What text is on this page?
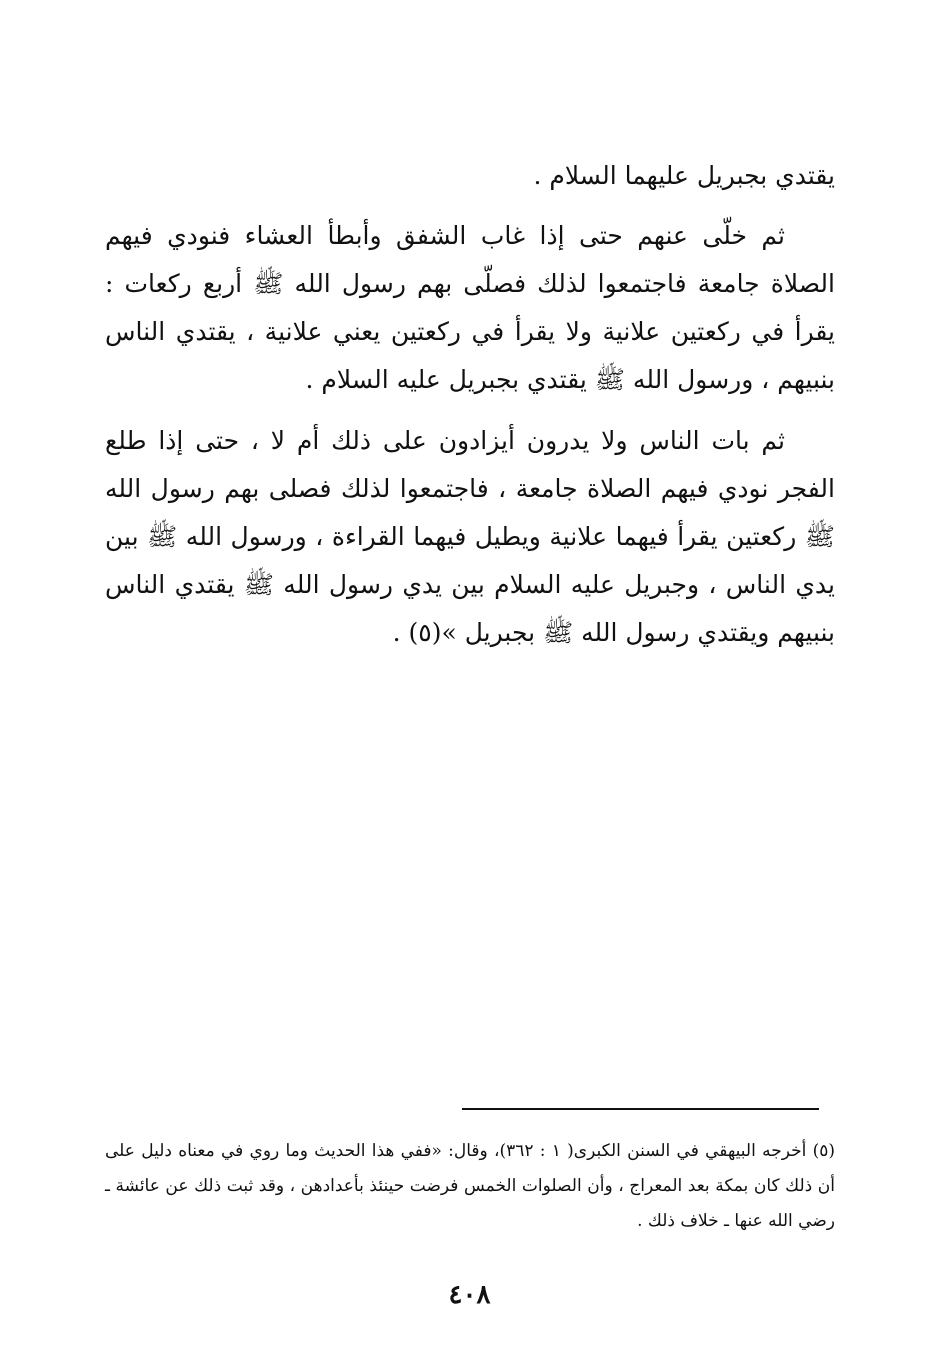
يقتدي بجبريل عليهما السلام .

ثم خلّى عنهم حتى إذا غاب الشفق وأبطأ العشاء فنودي فيهم الصلاة جامعة فاجتمعوا لذلك فصلّى بهم رسول الله ﷺ أربع ركعات : يقرأ في ركعتين علانية ولا يقرأ في ركعتين يعني علانية ، يقتدي الناس بنبيهم ، ورسول الله ﷺ يقتدي بجبريل عليه السلام .

ثم بات الناس ولا يدرون أيزادون على ذلك أم لا ، حتى إذا طلع الفجر نودي فيهم الصلاة جامعة ، فاجتمعوا لذلك فصلى بهم رسول الله ﷺ ركعتين يقرأ فيهما علانية ويطيل فيهما القراءة ، ورسول الله ﷺ بين يدي الناس ، وجبريل عليه السلام بين يدي رسول الله ﷺ يقتدي الناس بنبيهم ويقتدي رسول الله ﷺ بجبريل »(٥) .

(٥) أخرجه البيهقي في السنن الكبرى( ١ : ٣٦٢)، وقال: «ففي هذا الحديث وما روي في معناه دليل على أن ذلك كان بمكة بعد المعراج ، وأن الصلوات الخمس فرضت حينئذ بأعدادهن ، وقد ثبت ذلك عن عائشة ـ رضي الله عنها ـ خلاف ذلك .

٤٠٨
